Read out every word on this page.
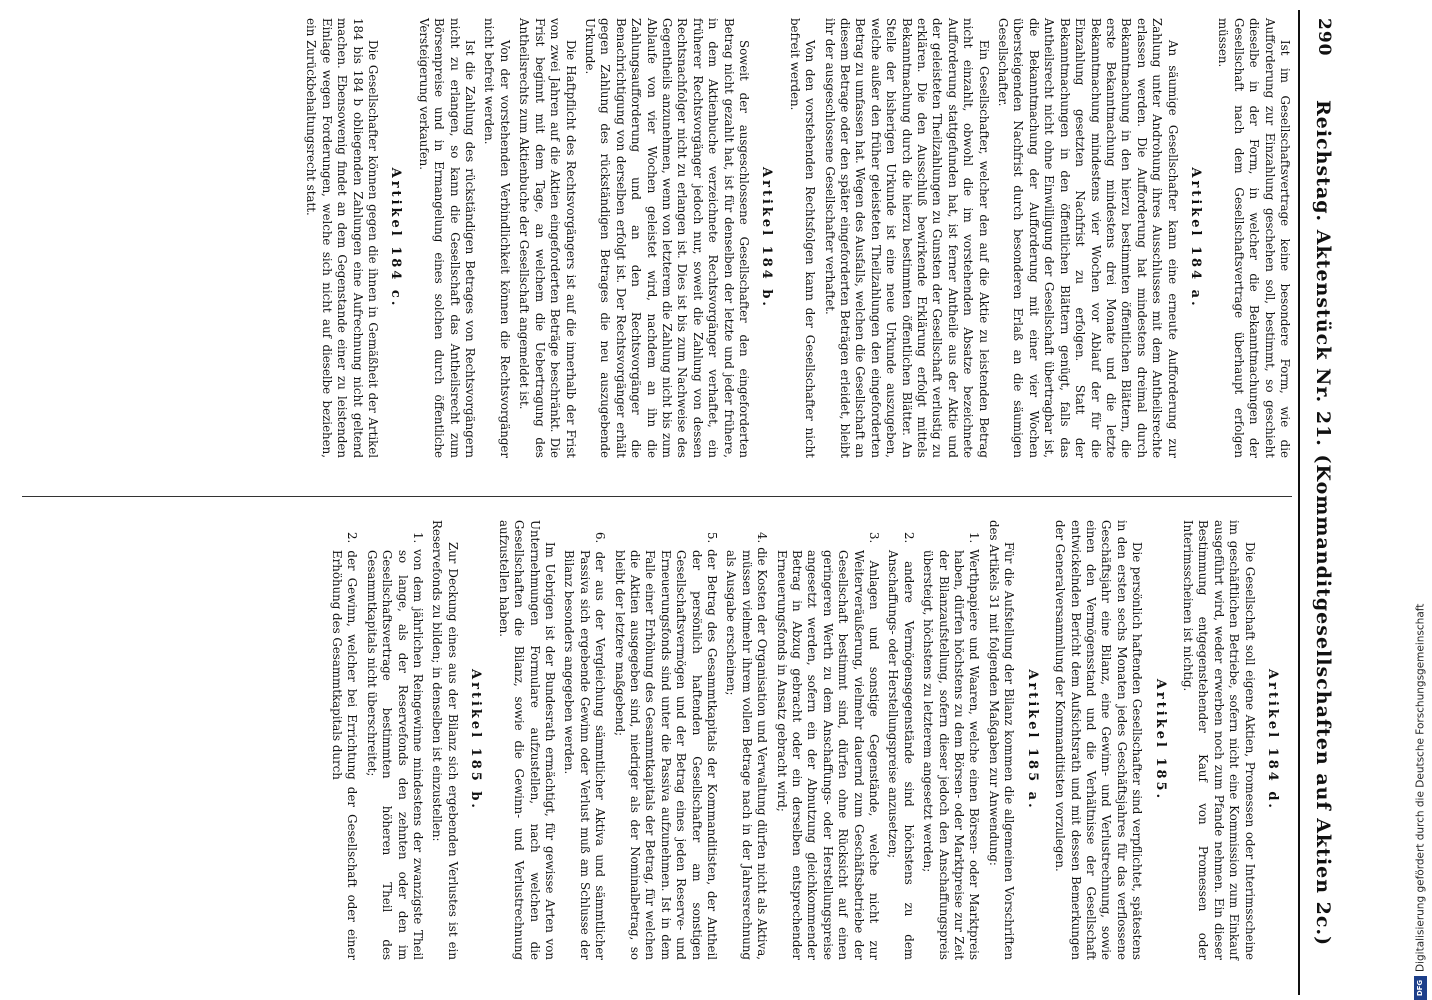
290
Reichstag. Aktenstück Nr. 21. (Kommanditgesellschaften auf Aktien 2c.)

Ist im Gesellschaftsvertrage keine besondere Form, wie die Aufforderung zur Einzahlung geschehen soll, bestimmt, so geschieht dieselbe in der Form, in welcher die Bekanntmachungen der Gesellschaft nach dem Gesellschaftsvertrage überhaupt erfolgen müssen.

Artikel 184 a.

An säumige Gesellschafter kann eine erneute Aufforderung zur Zahlung unter Androhung ihres Ausschlusses mit dem Antheilsrechte erlassen werden. Die Aufforderung hat mindestens dreimal durch Bekanntmachung in den hierzu bestimmten öffentlichen Blättern, die erste Bekanntmachung mindestens drei Monate und die letzte Bekanntmachung mindestens vier Wochen vor Ablauf der für die Einzahlung gesetzten Nachfrist zu erfolgen. Statt der Bekanntmachungen in den öffentlichen Blättern genügt, falls das Antheilsrecht nicht ohne Einwilligung der Gesellschaft übertragbar ist, die Bekanntmachung der Aufforderung mit einer vier Wochen übersteigenden Nachfrist durch besonderen Erlaß an die säumigen Gesellschafter.

Ein Gesellschafter, welcher den auf die Aktie zu leistenden Betrag nicht einzahlt, obwohl die im vorstehenden Absatze bezeichnete Aufforderung stattgefunden hat, ist ferner Antheile aus der Aktie und der geleisteten Theilzahlungen zu Gunsten der Gesellschaft verlustig zu erklären. Die den Ausschluß bewirkende Erklärung erfolgt mittels Bekanntmachung durch die hierzu bestimmten öffentlichen Blätter. An Stelle der bisherigen Urkunde ist eine neue Urkunde auszugeben, welche außer den früher geleisteten Theilzahlungen den eingeforderten Betrag zu umfassen hat. Wegen des Ausfalls, welchen die Gesellschaft an diesem Betrage oder den später eingeforderten Beträgen erleidet, bleibt ihr der ausgeschlossene Gesellschafter verhaftet.

Von den vorstehenden Rechtsfolgen kann der Gesellschafter nicht befreit werden.

Artikel 184 b.

Soweit der ausgeschlossene Gesellschafter den eingeforderten Betrag nicht gezahlt hat, ist für denselben der letzte und jeder frühere, in dem Aktienbuche verzeichnete Rechtsvorgänger verhaftet, ein früherer Rechtsvorgänger jedoch nur, soweit die Zahlung von dessen Rechtsnachfolger nicht zu erlangen ist. Dies ist bis zum Nachweise des Gegentheils anzunehmen, wenn von letzterem die Zahlung nicht bis zum Ablaufe von vier Wochen geleistet wird, nachdem an ihn die Zahlungsaufforderung und an den Rechtsvorgänger die Benachrichtigung von derselben erfolgt ist. Der Rechtsvorgänger erhält gegen Zahlung des rückständigen Betrages die neu auszugebende Urkunde.

Die Haftpflicht des Rechtsvorgängers ist auf die innerhalb der Frist von zwei Jahren auf die Aktien eingeforderten Beträge beschränkt. Die Frist beginnt mit dem Tage, an welchem die Uebertragung des Antheilsrechts zum Aktienbuche der Gesellschaft angemeldet ist.

Von der vorstehenden Verbindlichkeit können die Rechtsvorgänger nicht befreit werden.

Ist die Zahlung des rückständigen Betrages von Rechtsvorgängern nicht zu erlangen, so kann die Gesellschaft das Antheilsrecht zum Börsenpreise und in Ermangelung eines solchen durch öffentliche Versteigerung verkaufen.

Artikel 184 c.

Die Gesellschafter können gegen die ihnen in Gemäßheit der Artikel 184 bis 184 b obliegenden Zahlungen eine Aufrechnung nicht geltend machen. Ebensowenig findet an dem Gegenstande einer zu leistenden Einlage wegen Forderungen, welche sich nicht auf dieselbe beziehen, ein Zurückbehaltungsrecht statt.

Artikel 184 d.

Die Gesellschaft soll eigene Aktien, Promessen oder Interimsscheine im geschäftlichen Betriebe, sofern nicht eine Kommission zum Einkauf ausgeführt wird, weder erwerben noch zum Pfande nehmen. Ein dieser Bestimmung entgegenstehender Kauf von Promessen oder Interimsscheinen ist nichtig.

Artikel 185.

Die persönlich haftenden Gesellschafter sind verpflichtet, spätestens in den ersten sechs Monaten jedes Geschäftsjahres für das verflossene Geschäftsjahr eine Bilanz, eine Gewinn- und Verlustrechnung, sowie einen den Vermögensstand und die Verhältnisse der Gesellschaft entwickelnden Bericht dem Aufsichtsrath und mit dessen Bemerkungen der Generalversammlung der Kommanditisten vorzulegen.

Artikel 185 a.

Für die Aufstellung der Bilanz kommen die allgemeinen Vorschriften des Artikels 31 mit folgenden Maßgaben zur Anwendung:

1. Werthpapiere und Waaren, welche einen Börsen- oder Marktpreis haben, dürfen höchstens zu dem Börsen- oder Marktpreise zur Zeit der Bilanzaufstellung, sofern dieser jedoch den Anschaffungspreis übersteigt, höchstens zu letzterem angesetzt werden;

2. andere Vermögensgegenstände sind höchstens zu dem Anschaffungs- oder Herstellungspreise anzusetzen;

3. Anlagen und sonstige Gegenstände, welche nicht zur Weiterveräußerung, vielmehr dauernd zum Geschäftsbetriebe der Gesellschaft bestimmt sind, dürfen ohne Rücksicht auf einen geringeren Werth zu dem Anschaffungs- oder Herstellungspreise angesetzt werden, sofern ein der Abnutzung gleichkommender Betrag in Abzug gebracht oder ein derselben entsprechender Erneuerungsfonds in Ansatz gebracht wird;

4. die Kosten der Organisation und Verwaltung dürfen nicht als Aktiva, müssen vielmehr ihrem vollen Betrage nach in der Jahresrechnung als Ausgabe erscheinen;

5. der Betrag des Gesammtkapitals der Kommanditisten, der Antheil der persönlich haftenden Gesellschafter am sonstigen Gesellschaftsvermögen und der Betrag eines jeden Reserve- und Erneuerungsfonds sind unter die Passiva aufzunehmen. Ist in dem Falle einer Erhöhung des Gesammtkapitals der Betrag, für welchen die Aktien ausgegeben sind, niedriger als der Nominalbetrag, so bleibt der letztere maßgebend;

6. der aus der Vergleichung sämmtlicher Aktiva und sämmtlicher Passiva sich ergebende Gewinn oder Verlust muß am Schlusse der Bilanz besonders angegeben werden.

Im Uebrigen ist der Bundesrath ermächtigt, für gewisse Arten von Unternehmungen Formulare aufzustellen, nach welchen die Gesellschaften die Bilanz, sowie die Gewinn- und Verlustrechnung aufzustellen haben.

Artikel 185 b.

Zur Deckung eines aus der Bilanz sich ergebenden Verlustes ist ein Reservefonds zu bilden; in denselben ist einzustellen:

1. von dem jährlichen Reingewinne mindestens der zwanzigste Theil so lange, als der Reservefonds den zehnten oder den im Gesellschaftsvertrage bestimmten höheren Theil des Gesammtkapitals nicht überschreitet;

2. der Gewinn, welcher bei Errichtung der Gesellschaft oder einer Erhöhung des Gesammtkapitals durch

DFGDigitalisierung gefördert durch die Deutsche Forschungsgemeinschaft
